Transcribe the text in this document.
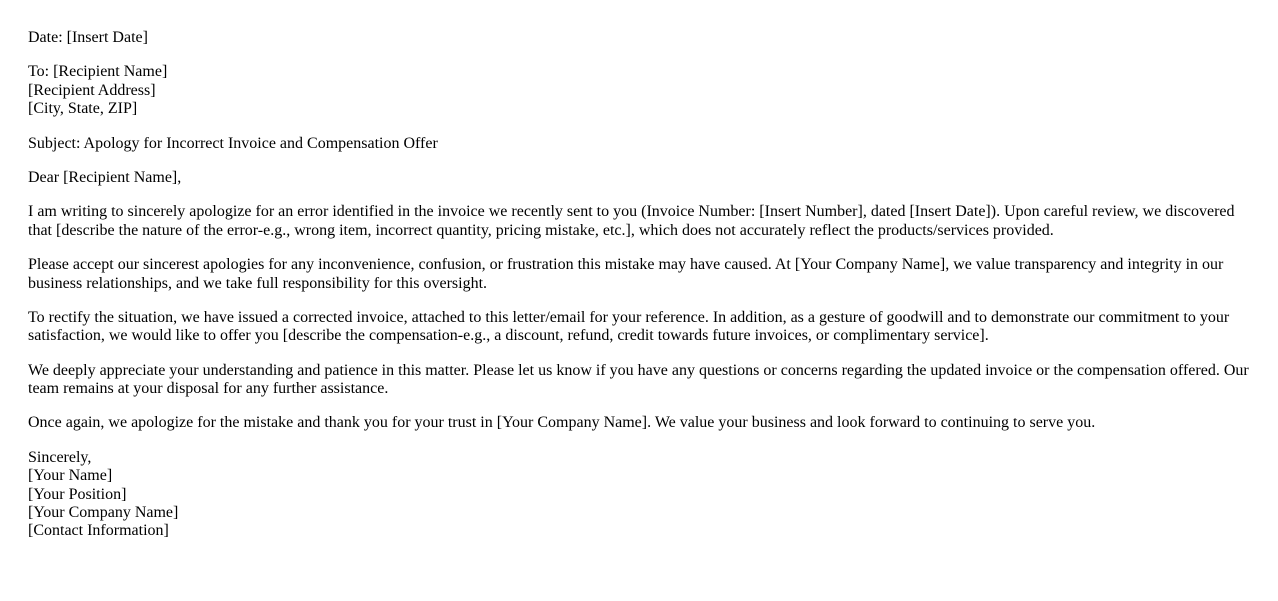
Date: [Insert Date]

To: [Recipient Name]
[Recipient Address]
[City, State, ZIP]

Subject: Apology for Incorrect Invoice and Compensation Offer

Dear [Recipient Name],

I am writing to sincerely apologize for an error identified in the invoice we recently sent to you (Invoice Number: [Insert Number], dated [Insert Date]). Upon careful review, we discovered that [describe the nature of the error-e.g., wrong item, incorrect quantity, pricing mistake, etc.], which does not accurately reflect the products/services provided.

Please accept our sincerest apologies for any inconvenience, confusion, or frustration this mistake may have caused. At [Your Company Name], we value transparency and integrity in our business relationships, and we take full responsibility for this oversight.

To rectify the situation, we have issued a corrected invoice, attached to this letter/email for your reference. In addition, as a gesture of goodwill and to demonstrate our commitment to your satisfaction, we would like to offer you [describe the compensation-e.g., a discount, refund, credit towards future invoices, or complimentary service].

We deeply appreciate your understanding and patience in this matter. Please let us know if you have any questions or concerns regarding the updated invoice or the compensation offered. Our team remains at your disposal for any further assistance.

Once again, we apologize for the mistake and thank you for your trust in [Your Company Name]. We value your business and look forward to continuing to serve you.

Sincerely,
[Your Name]
[Your Position]
[Your Company Name]
[Contact Information]
